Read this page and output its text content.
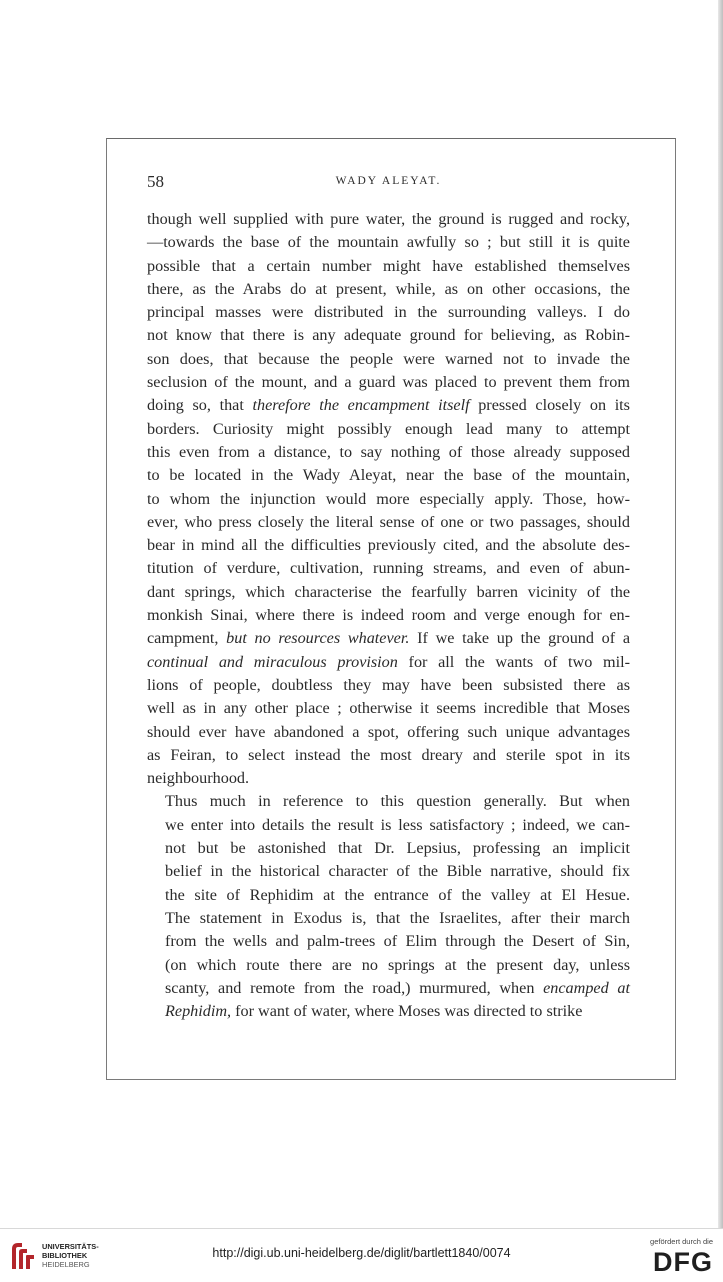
58	WADY ALEYAT.

though well supplied with pure water, the ground is rugged and rocky,
—towards the base of the mountain awfully so ; but still it is quite
possible that a certain number might have established themselves
there, as the Arabs do at present, while, as on other occasions, the
principal masses were distributed in the surrounding valleys. I do
not know that there is any adequate ground for believing, as Robin-
son does, that because the people were warned not to invade the
seclusion of the mount, and a guard was placed to prevent them from
doing so, that therefore the encampment itself pressed closely on its
borders. Curiosity might possibly enough lead many to attempt
this even from a distance, to say nothing of those already supposed
to be located in the Wady Aleyat, near the base of the mountain,
to whom the injunction would more especially apply. Those, how-
ever, who press closely the literal sense of one or two passages, should
bear in mind all the difficulties previously cited, and the absolute des-
titution of verdure, cultivation, running streams, and even of abun-
dant springs, which characterise the fearfully barren vicinity of the
monkish Sinai, where there is indeed room and verge enough for en-
campment, but no resources whatever. If we take up the ground of a
continual and miraculous provision for all the wants of two mil-
lions of people, doubtless they may have been subsisted there as
well as in any other place ; otherwise it seems incredible that Moses
should ever have abandoned a spot, offering such unique advantages
as Feiran, to select instead the most dreary and sterile spot in its
neighbourhood.

Thus much in reference to this question generally. But when
we enter into details the result is less satisfactory ; indeed, we can-
not but be astonished that Dr. Lepsius, professing an implicit
belief in the historical character of the Bible narrative, should fix
the site of Rephidim at the entrance of the valley at El Hesue.
The statement in Exodus is, that the Israelites, after their march
from the wells and palm-trees of Elim through the Desert of Sin,
(on which route there are no springs at the present day, unless
scanty, and remote from the road,) murmured, when encamped at
Rephidim, for want of water, where Moses was directed to strike

UNIVERSITÄTS-
BIBLIOTHEK
HEIDELBERG
http://digi.ub.uni-heidelberg.de/diglit/bartlett1840/0074
gefördert durch die
DFG
